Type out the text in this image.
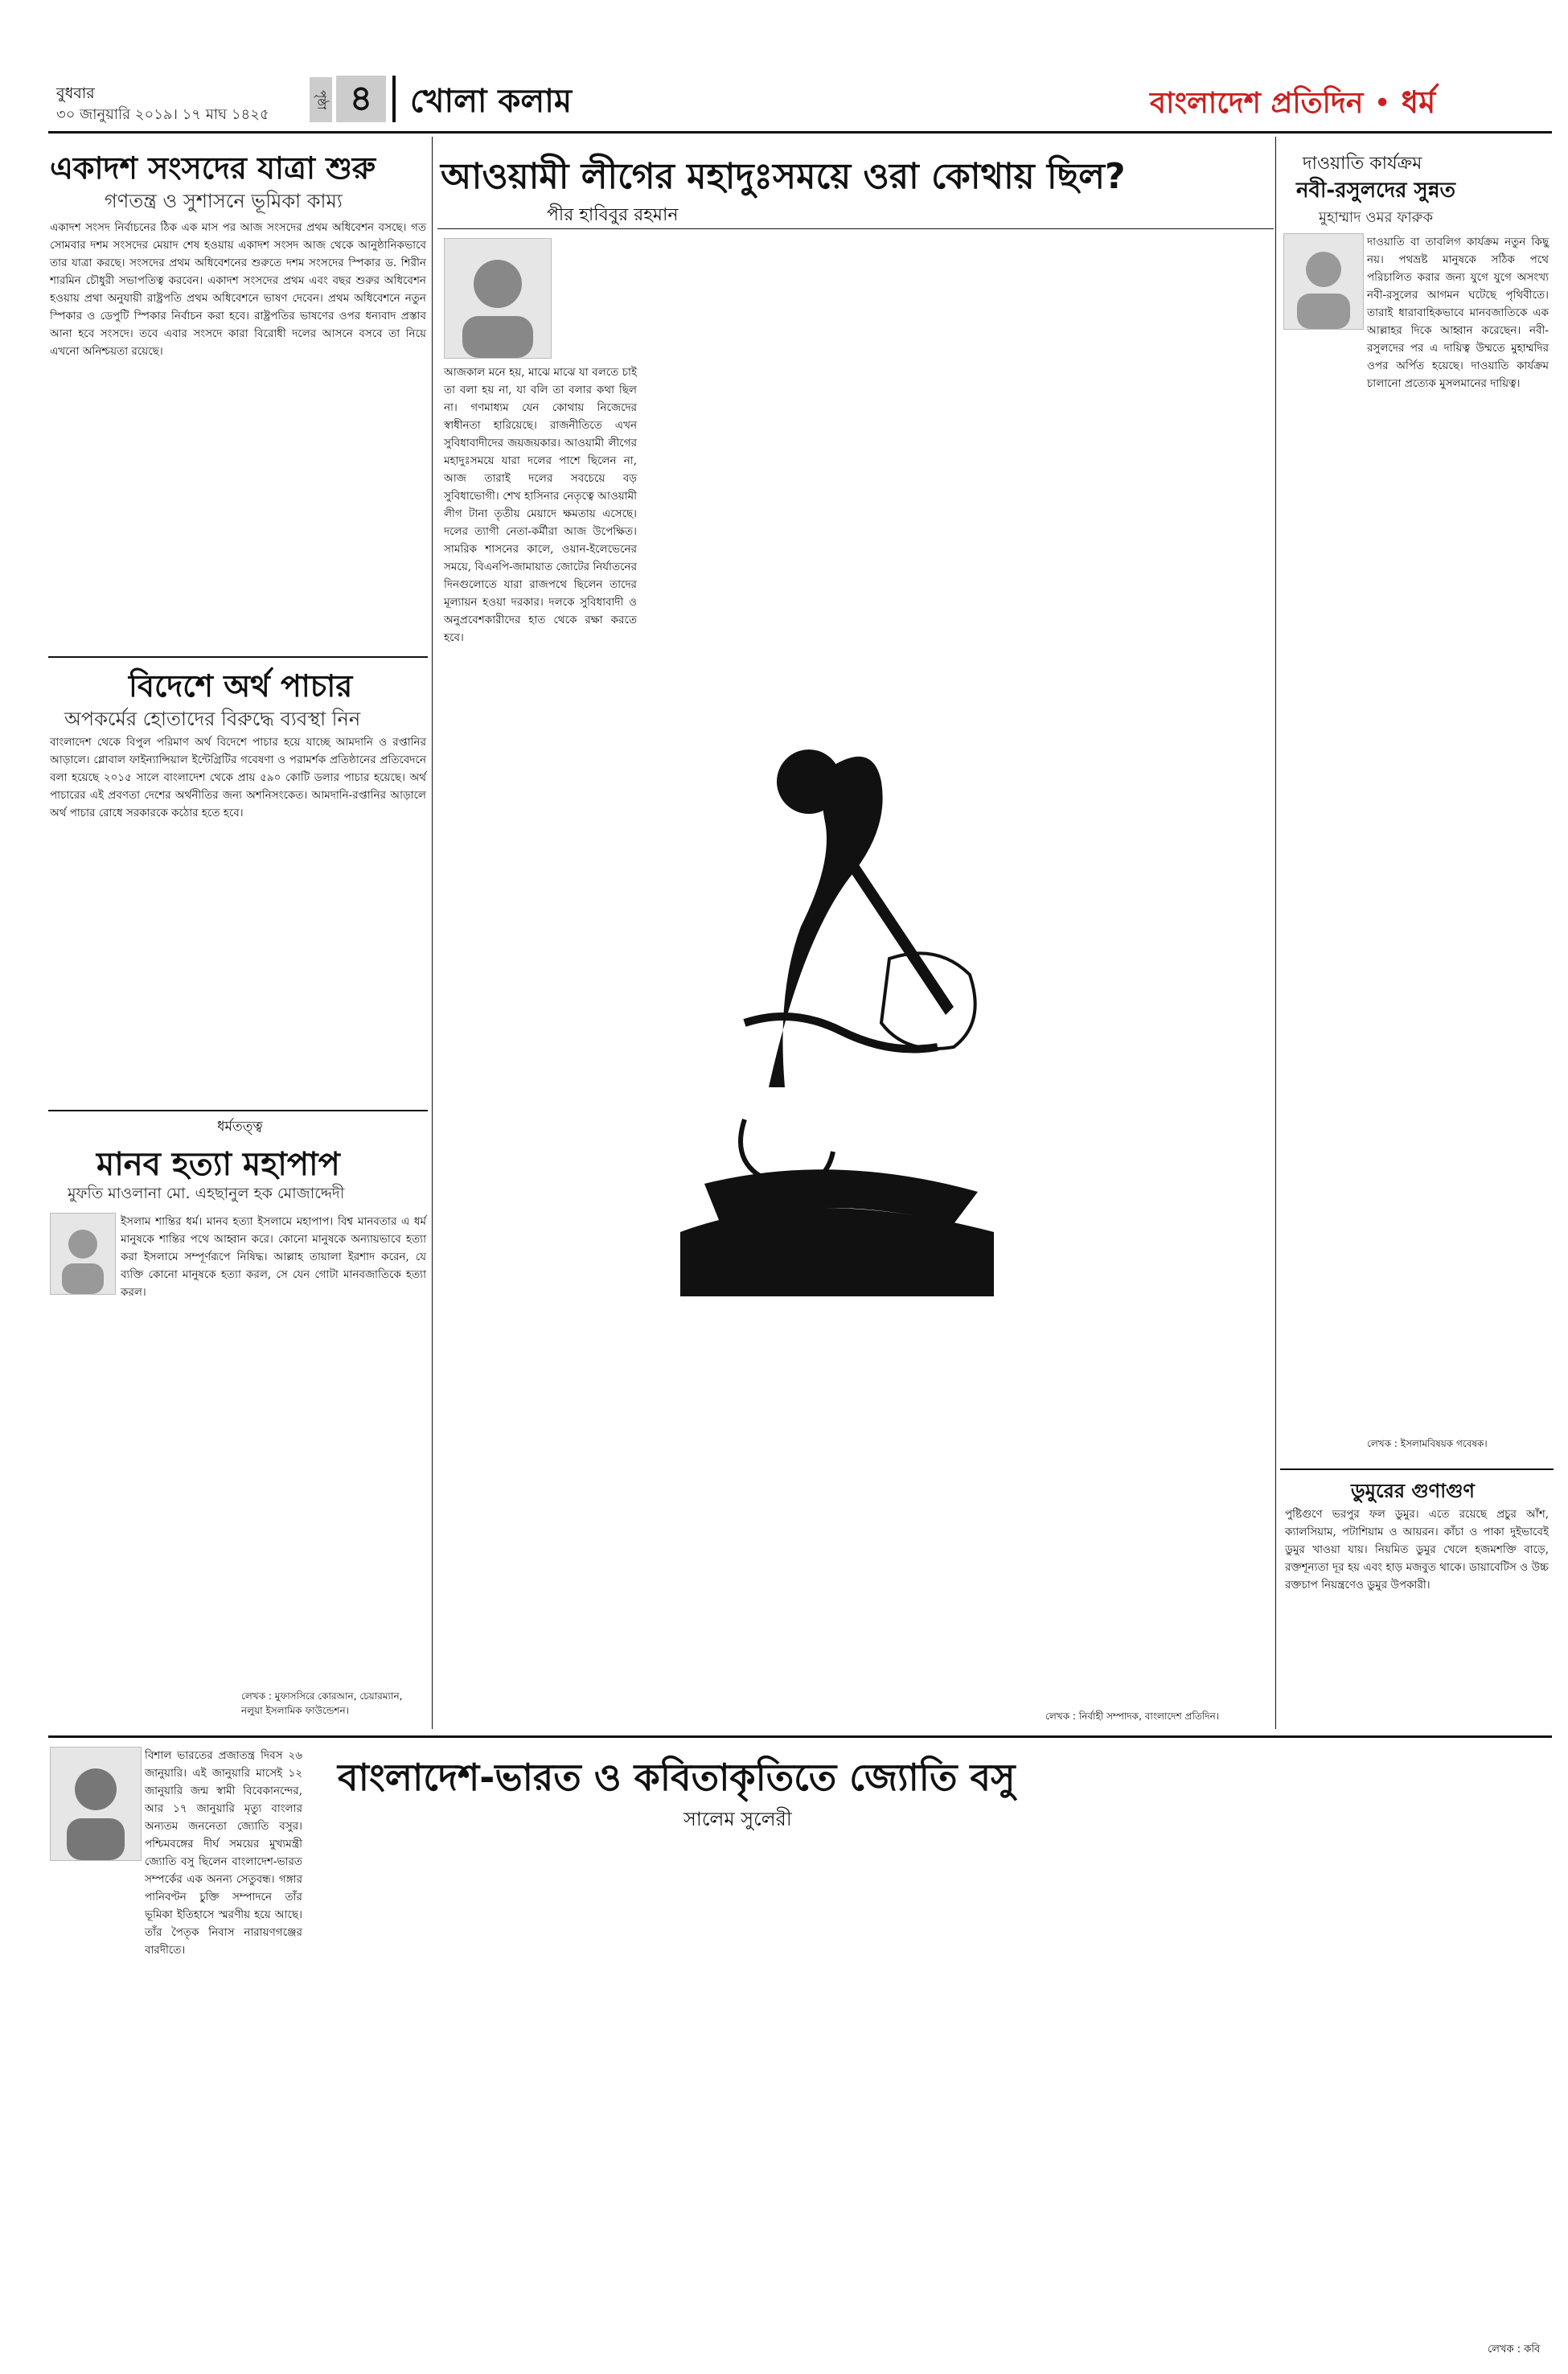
বুধবার
৩০ জানুয়ারি ২০১৯। ১৭ মাঘ ১৪২৫
পৃষ্ঠা ৪	খোলা কলাম	বাংলাদেশ প্রতিদিন • ধর্ম
একাদশ সংসদের যাত্রা শুরু
গণতন্ত্র ও সুশাসনে ভূমিকা কাম্য
একাদশ সংসদ নির্বাচনের ঠিক এক মাস পর আজ সংসদের প্রথম অধিবেশন বসছে। গত সোমবার দশম সংসদের মেয়াদ শেষ হওয়ায় একাদশ সংসদ আজ থেকে আনুষ্ঠানিকভাবে তার যাত্রা করছে। সংসদের প্রথম অধিবেশনের শুরুতে দশম সংসদের স্পিকার ড. শিরীন শারমিন চৌধুরী সভাপতিত্ব করবেন। একাদশ সংসদের প্রথম এবং বছর শুরুর অধিবেশন হওয়ায় প্রথা অনুযায়ী রাষ্ট্রপতি প্রথম অধিবেশনে ভাষণ দেবেন। প্রথম অধিবেশনে নতুন স্পিকার ও ডেপুটি স্পিকার নির্বাচন করা হবে। রাষ্ট্রপতির ভাষণের ওপর ধন্যবাদ প্রস্তাব আনা হবে সংসদে। তবে এবার সংসদে কারা বিরোধী দলের আসনে বসবে তা নিয়ে এখনো অনিশ্চয়তা রয়েছে।
বিদেশে অর্থ পাচার
অপকর্মের হোতাদের বিরুদ্ধে ব্যবস্থা নিন
বাংলাদেশ থেকে বিপুল পরিমাণ অর্থ বিদেশে পাচার হয়ে যাচ্ছে আমদানি ও রপ্তানির আড়ালে। গ্লোবাল ফাইন্যান্সিয়াল ইন্টেগ্রিটির গবেষণা ও পরামর্শক প্রতিষ্ঠানের প্রতিবেদনে বলা হয়েছে ২০১৫ সালে বাংলাদেশ থেকে প্রায় ৫৯০ কোটি ডলার পাচার হয়েছে। অর্থ পাচারের এই প্রবণতা দেশের অর্থনীতির জন্য অশনিসংকেত। আমদানি-রপ্তানির আড়ালে অর্থ পাচার রোধে সরকারকে কঠোর হতে হবে।
ধর্মতত্ত্ব
মানব হত্যা মহাপাপ
মুফতি মাওলানা মো. এহছানুল হক মোজাদ্দেদী
ইসলাম শান্তির ধর্ম। মানব হত্যা ইসলামে মহাপাপ। বিশ্ব মানবতার এ ধর্ম মানুষকে শান্তির পথে আহ্বান করে। কোনো মানুষকে অন্যায়ভাবে হত্যা করা ইসলামে সম্পূর্ণরূপে নিষিদ্ধ। আল্লাহ তায়ালা ইরশাদ করেন, যে ব্যক্তি কোনো মানুষকে হত্যা করল, সে যেন গোটা মানবজাতিকে হত্যা করল।
লেখক : মুফাসসিরে কোরআন, চেয়ারম্যান, নলুয়া ইসলামিক ফাউন্ডেশন।
আওয়ামী লীগের মহাদুঃসময়ে ওরা কোথায় ছিল?
পীর হাবিবুর রহমান
আজকাল মনে হয়, মাঝে মাঝে যা বলতে চাই তা বলা হয় না, যা বলি তা বলার কথা ছিল না। গণমাধ্যম যেন কোথায় নিজেদের স্বাধীনতা হারিয়েছে। রাজনীতিতে এখন সুবিধাবাদীদের জয়জয়কার। আওয়ামী লীগের মহাদুঃসময়ে যারা দলের পাশে ছিলেন না, আজ তারাই দলের সবচেয়ে বড় সুবিধাভোগী। শেখ হাসিনার নেতৃত্বে আওয়ামী লীগ টানা তৃতীয় মেয়াদে ক্ষমতায় এসেছে। দলের ত্যাগী নেতা-কর্মীরা আজ উপেক্ষিত। সামরিক শাসনের কালে, ওয়ান-ইলেভেনের সময়ে, বিএনপি-জামায়াত জোটের নির্যাতনের দিনগুলোতে যারা রাজপথে ছিলেন তাদের মূল্যায়ন হওয়া দরকার। দলকে সুবিধাবাদী ও অনুপ্রবেশকারীদের হাত থেকে রক্ষা করতে হবে।
লেখক : নির্বাহী সম্পাদক, বাংলাদেশ প্রতিদিন।
দাওয়াতি কার্যক্রম
নবী-রসুলদের সুন্নত
মুহাম্মাদ ওমর ফারুক
দাওয়াতি বা তাবলিগ কার্যক্রম নতুন কিছু নয়। পথভ্রষ্ট মানুষকে সঠিক পথে পরিচালিত করার জন্য যুগে যুগে অসংখ্য নবী-রসুলের আগমন ঘটেছে পৃথিবীতে। তারাই ধারাবাহিকভাবে মানবজাতিকে এক আল্লাহর দিকে আহ্বান করেছেন। নবী-রসুলদের পর এ দায়িত্ব উম্মতে মুহাম্মদির ওপর অর্পিত হয়েছে। দাওয়াতি কার্যক্রম চালানো প্রত্যেক মুসলমানের দায়িত্ব।
লেখক : ইসলামবিষয়ক গবেষক।
ডুমুরের গুণাগুণ
পুষ্টিগুণে ভরপুর ফল ডুমুর। এতে রয়েছে প্রচুর আঁশ, ক্যালসিয়াম, পটাশিয়াম ও আয়রন। কাঁচা ও পাকা দুইভাবেই ডুমুর খাওয়া যায়। নিয়মিত ডুমুর খেলে হজমশক্তি বাড়ে, রক্তশূন্যতা দূর হয় এবং হাড় মজবুত থাকে। ডায়াবেটিস ও উচ্চ রক্তচাপ নিয়ন্ত্রণেও ডুমুর উপকারী।
বাংলাদেশ-ভারত ও কবিতাকৃতিতে জ্যোতি বসু
সালেম সুলেরী
বিশাল ভারতের প্রজাতন্ত্র দিবস ২৬ জানুয়ারি। এই জানুয়ারি মাসেই ১২ জানুয়ারি জন্ম স্বামী বিবেকানন্দের, আর ১৭ জানুয়ারি মৃত্যু বাংলার অন্যতম জননেতা জ্যোতি বসুর। পশ্চিমবঙ্গের দীর্ঘ সময়ের মুখ্যমন্ত্রী জ্যোতি বসু ছিলেন বাংলাদেশ-ভারত সম্পর্কের এক অনন্য সেতুবন্ধ। গঙ্গার পানিবণ্টন চুক্তি সম্পাদনে তাঁর ভূমিকা ইতিহাসে স্মরণীয় হয়ে আছে। তাঁর পৈতৃক নিবাস নারায়ণগঞ্জের বারদীতে।
লেখক : কবি
